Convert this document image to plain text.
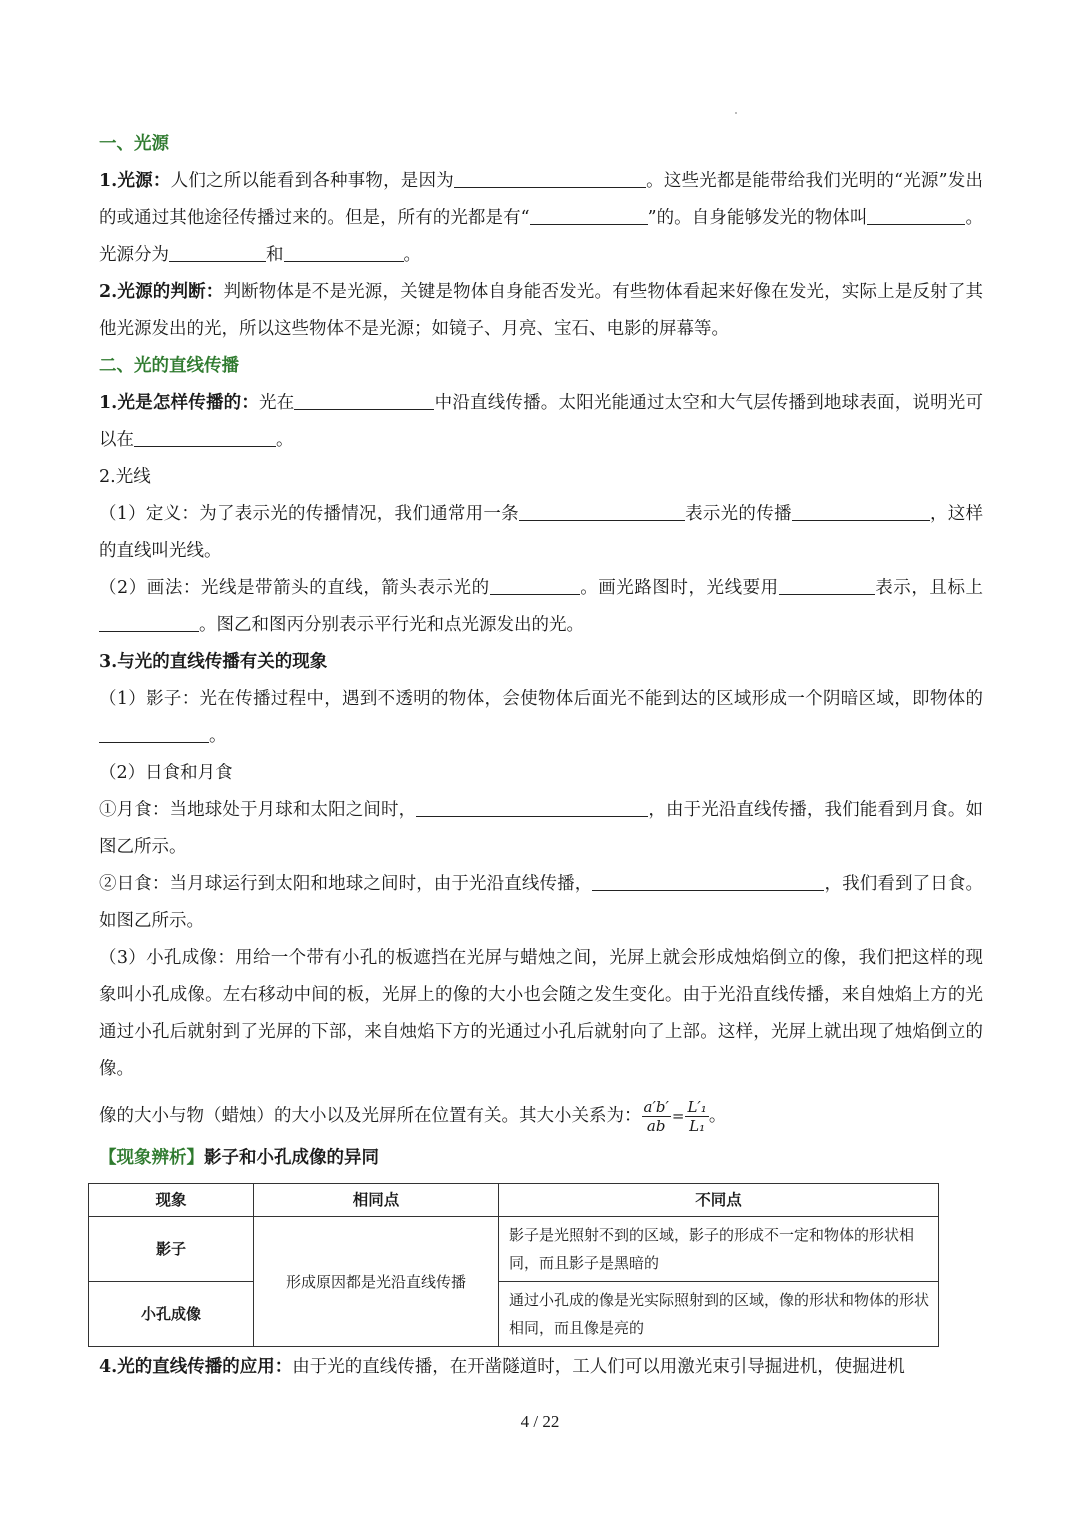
一、光源

1.光源：人们之所以能看到各种事物，是因为	。这些光都是能带给我们光明的“光源”发出的或通过其他途径传播过来的。但是，所有的光都是有“	”的。自身能够发光的物体叫	。光源分为	和	。

2.光源的判断：判断物体是不是光源，关键是物体自身能否发光。有些物体看起来好像在发光，实际上是反射了其他光源发出的光，所以这些物体不是光源；如镜子、月亮、宝石、电影的屏幕等。

二、光的直线传播

1.光是怎样传播的：光在	中沿直线传播。太阳光能通过太空和大气层传播到地球表面，说明光可以在	。

2.光线

（1）定义：为了表示光的传播情况，我们通常用一条	表示光的传播	，这样的直线叫光线。

（2）画法：光线是带箭头的直线，箭头表示光的	。画光路图时，光线要用	表示，且标上。图乙和图丙分别表示平行光和点光源发出的光。

3.与光的直线传播有关的现象

（1）影子：光在传播过程中，遇到不透明的物体，会使物体后面光不能到达的区域形成一个阴暗区域，即物体的。

（2）日食和月食

①月食：当地球处于月球和太阳之间时，	，由于光沿直线传播，我们能看到月食。如图乙所示。

②日食：当月球运行到太阳和地球之间时，由于光沿直线传播，	，我们看到了日食。如图乙所示。

（3）小孔成像：用给一个带有小孔的板遮挡在光屏与蜡烛之间，光屏上就会形成烛焰倒立的像，我们把这样的现象叫小孔成像。左右移动中间的板，光屏上的像的大小也会随之发生变化。由于光沿直线传播，来自烛焰上方的光通过小孔后就射到了光屏的下部，来自烛焰下方的光通过小孔后就射向了上部。这样，光屏上就出现了烛焰倒立的像。

像的大小与物（蜡烛）的大小以及光屏所在位置有关。其大小关系为： $\frac{a'b'}{ab} = \frac{\text{L′₁}}{\text{L₁}}$ 。

【现象辨析】影子和小孔成像的异同

现象	相同点	不同点
影子	形成原因都是光沿直线传播	影子是光照射不到的区域，影子的形成不一定和物体的形状相同，而且影子是黑暗的
小孔成像		通过小孔成的像是光实际照射到的区域，像的形状和物体的形状相同，而且像是亮的

4.光的直线传播的应用：由于光的直线传播，在开凿隧道时，工人们可以用激光束引导掘进机，使掘进机

4 / 22
